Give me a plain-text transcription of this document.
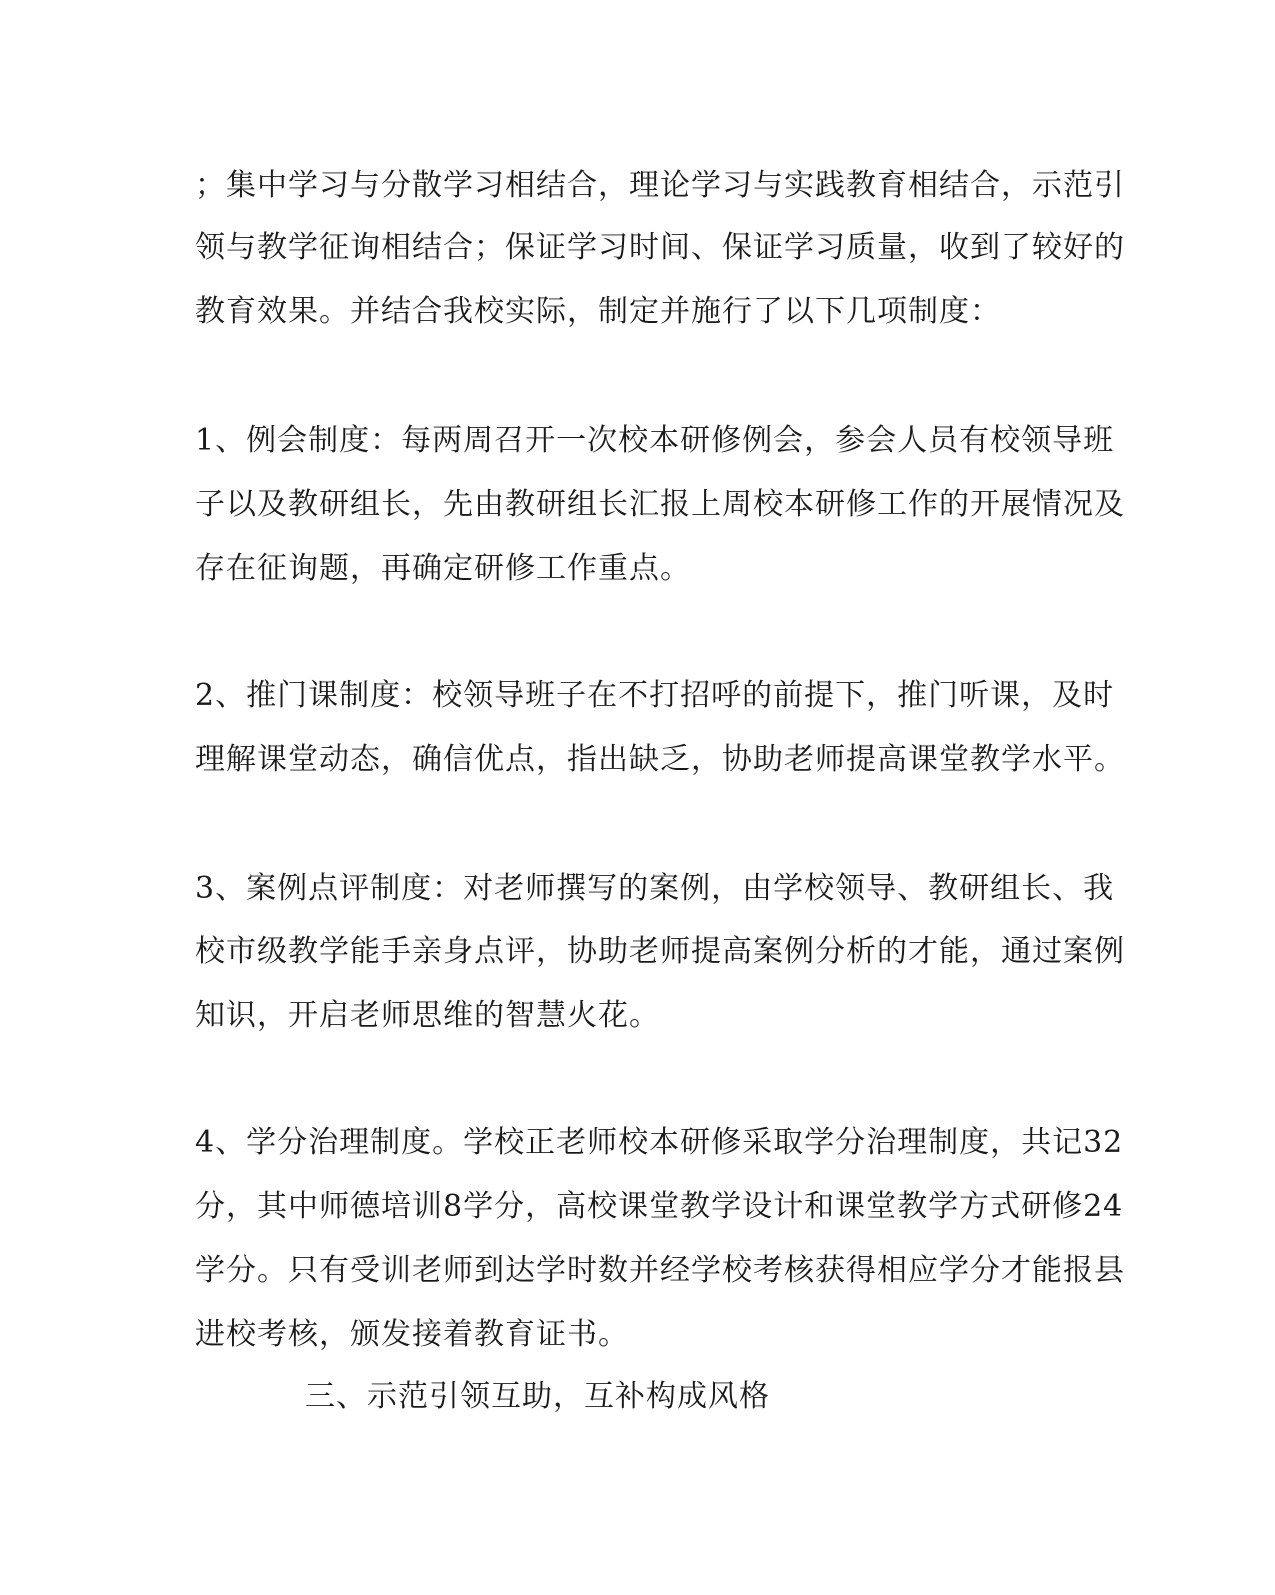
；集中学习与分散学习相结合，理论学习与实践教育相结合，示范引
领与教学征询相结合；保证学习时间、保证学习质量，收到了较好的
教育效果。并结合我校实际，制定并施行了以下几项制度：
1、例会制度：每两周召开一次校本研修例会，参会人员有校领导班
子以及教研组长，先由教研组长汇报上周校本研修工作的开展情况及
存在征询题，再确定研修工作重点。
2、推门课制度：校领导班子在不打招呼的前提下，推门听课，及时
理解课堂动态，确信优点，指出缺乏，协助老师提高课堂教学水平。
3、案例点评制度：对老师撰写的案例，由学校领导、教研组长、我
校市级教学能手亲身点评，协助老师提高案例分析的才能，通过案例
知识，开启老师思维的智慧火花。
4、学分治理制度。学校正老师校本研修采取学分治理制度，共记32
分，其中师德培训8学分，高校课堂教学设计和课堂教学方式研修24
学分。只有受训老师到达学时数并经学校考核获得相应学分才能报县
进校考核，颁发接着教育证书。
三、示范引领互助，互补构成风格
